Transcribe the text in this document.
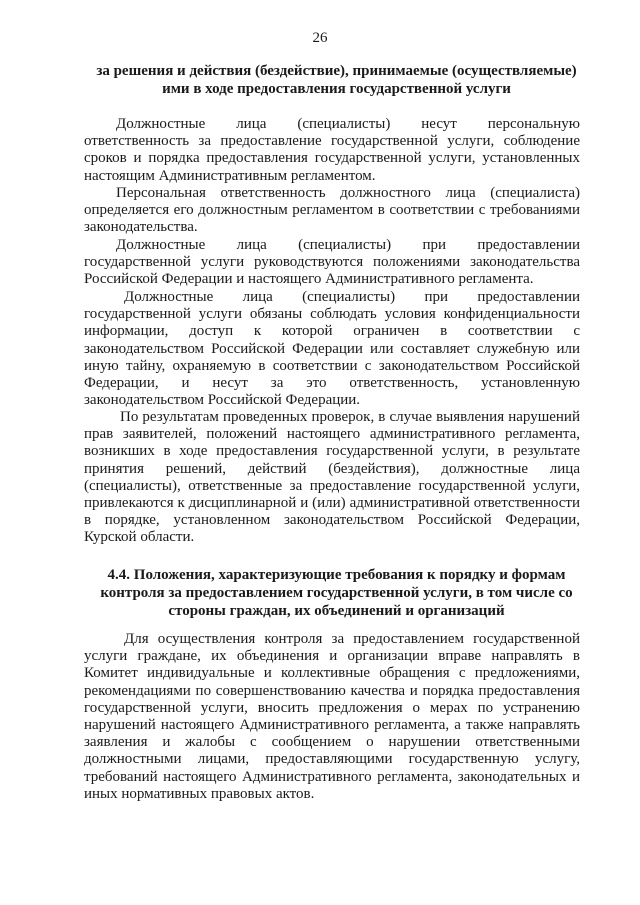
26
за решения и действия (бездействие), принимаемые (осуществляемые) ими в ходе предоставления государственной услуги

Должностные лица (специалисты) несут персональную ответственность за предоставление государственной услуги, соблюдение сроков и порядка предоставления государственной услуги, установленных настоящим Административным регламентом.

Персональная ответственность должностного лица (специалиста) определяется его должностным регламентом в соответствии с требованиями законодательства.

Должностные лица (специалисты) при предоставлении государственной услуги руководствуются положениями законодательства Российской Федерации и настоящего Административного регламента.

Должностные лица (специалисты) при предоставлении государственной услуги обязаны соблюдать условия конфиденциальности информации, доступ к которой ограничен в соответствии с законодательством Российской Федерации или составляет служебную или иную тайну, охраняемую в соответствии с законодательством Российской Федерации, и несут за это ответственность, установленную законодательством Российской Федерации.

По результатам проведенных проверок, в случае выявления нарушений прав заявителей, положений настоящего административного регламента, возникших в ходе предоставления государственной услуги, в результате принятия решений, действий (бездействия), должностные лица (специалисты), ответственные за предоставление государственной услуги, привлекаются к дисциплинарной и (или) административной ответственности в порядке, установленном законодательством Российской Федерации, Курской области.

4.4. Положения, характеризующие требования к порядку и формам контроля за предоставлением государственной услуги, в том числе со стороны граждан, их объединений и организаций

Для осуществления контроля за предоставлением государственной услуги граждане, их объединения и организации вправе направлять в Комитет индивидуальные и коллективные обращения с предложениями, рекомендациями по совершенствованию качества и порядка предоставления государственной услуги, вносить предложения о мерах по устранению нарушений настоящего Административного регламента, а также направлять заявления и жалобы с сообщением о нарушении ответственными должностными лицами, предоставляющими государственную услугу, требований настоящего Административного регламента, законодательных и иных нормативных правовых актов.
